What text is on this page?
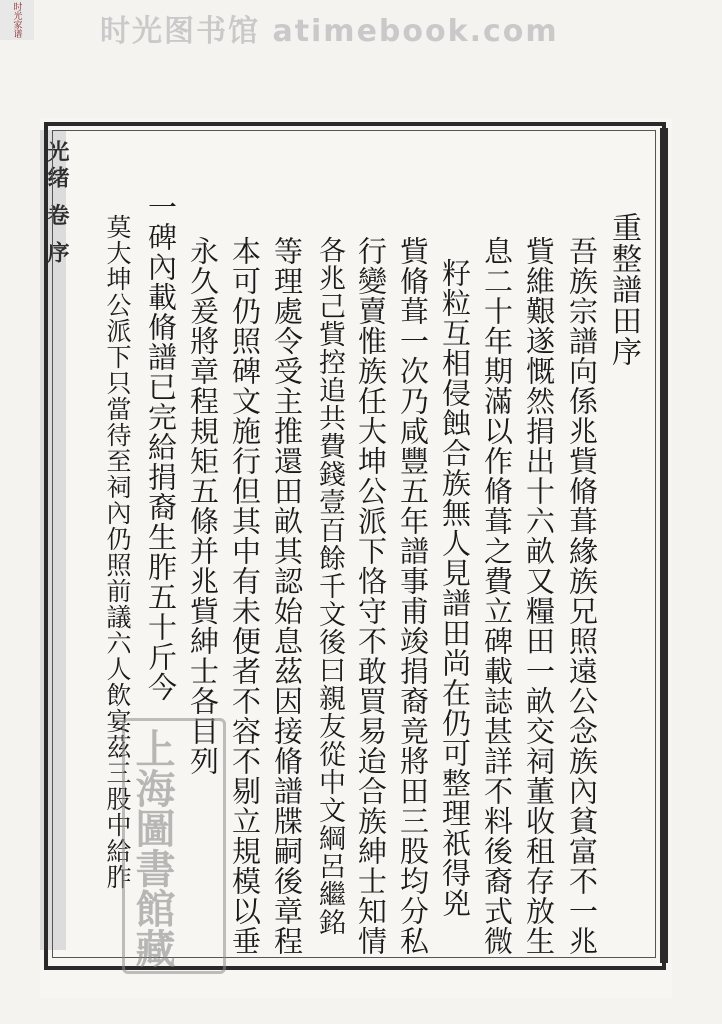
时光家谱	时光图书馆 atimebook.com
光绪 卷 序
重整譜田序
吾族宗譜向係兆貲脩葺緣族兄照遠公念族內貧富不一兆
貲維艱遂慨然捐出十六畝又糧田一畝交祠董收租存放生
息二十年期滿以作脩葺之費立碑載誌甚詳不料後裔式微
籽粒互相侵蝕合族無人見譜田尚在仍可整理祇得兇
貲脩葺一次乃咸豐五年譜事甫竣捐裔竟將田三股均分私
行變賣惟族任大坤公派下恪守不敢買易迨合族紳士知情
各兆己貲控追共費錢壹百餘千文後曰親友從中文綱呂繼銘
等理處令受主推還田畝其認始息茲因接脩譜牒嗣後章程
本可仍照碑文施行但其中有未便者不容不剔立規模以垂
永久爰將章程規矩五條并兆貲紳士各目列
一碑內載脩譜已完給捐裔生胙五十斤今
莫大坤公派下只當待至祠內仍照前議六人飲宴茲三股中給胙
上海圖書館藏
